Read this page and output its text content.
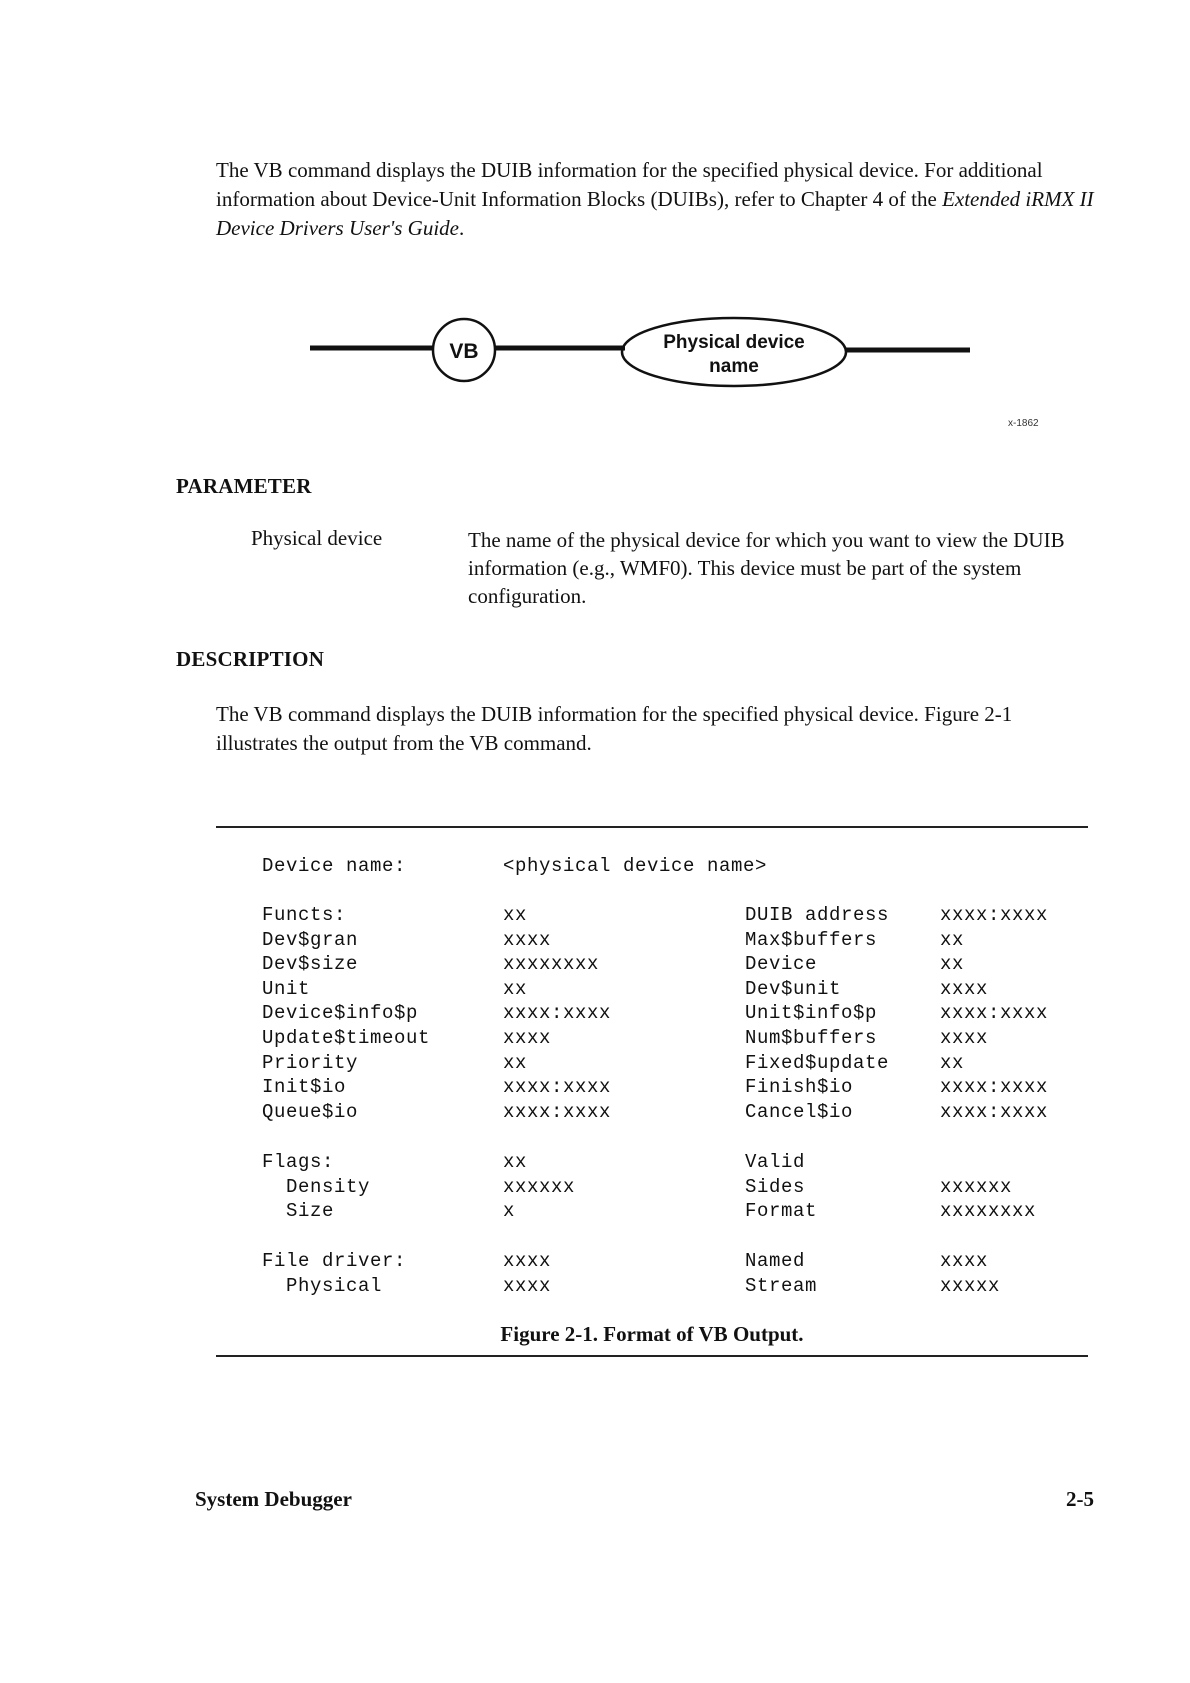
The VB command displays the DUIB information for the specified physical device. For additional information about Device-Unit Information Blocks (DUIBs), refer to Chapter 4 of the Extended iRMX II Device Drivers User's Guide.
VB	Physical device
name
x-1862
PARAMETER
Physical device	The name of the physical device for which you want to view the DUIB information (e.g., WMF0). This device must be part of the system configuration.
DESCRIPTION
The VB command displays the DUIB information for the specified physical device. Figure 2-1 illustrates the output from the VB command.
Device name:	<physical device name>
Functs:	xx	DUIB address	xxxx:xxxx
Dev$gran	xxxx	Max$buffers	xx
Dev$size	xxxxxxxx	Device	xx
Unit	xx	Dev$unit	xxxx
Device$info$p	xxxx:xxxx	Unit$info$p	xxxx:xxxx
Update$timeout	xxxx	Num$buffers	xxxx
Priority	xx	Fixed$update	xx
Init$io	xxxx:xxxx	Finish$io	xxxx:xxxx
Queue$io	xxxx:xxxx	Cancel$io	xxxx:xxxx
Flags:	xx	Valid
Density	xxxxxx	Sides	xxxxxx
Size	x	Format	xxxxxxxx
File driver:	xxxx	Named	xxxx
Physical	xxxx	Stream	xxxxx
Figure 2-1. Format of VB Output.
System Debugger	2-5
